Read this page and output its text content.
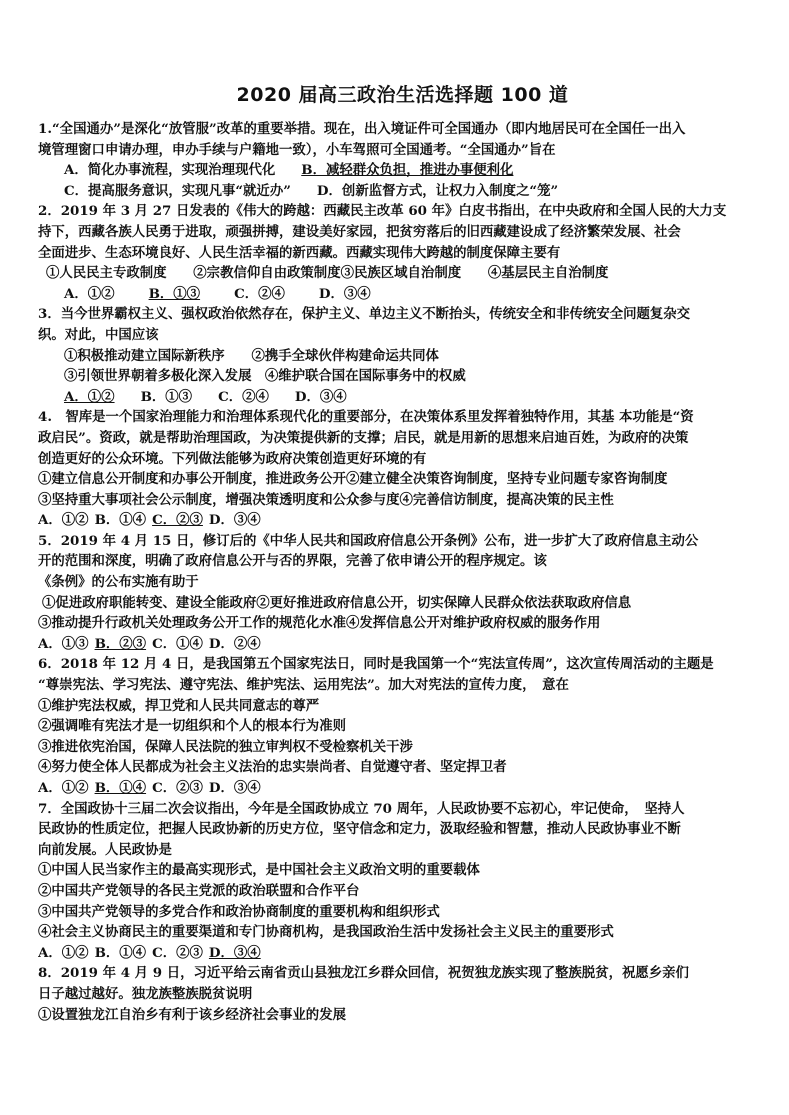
2020 届高三政治生活选择题 100 道
1.“全国通办”是深化“放管服”改革的重要举措。现在，出入境证件可全国通办（即内地居民可在全国任一出入
境管理窗口申请办理，申办手续与户籍地一致），小车驾照可全国通考。“全国通办”旨在
A．简化办事流程，实现治理现代化 B．减轻群众负担，推进办事便利化
C．提高服务意识，实现凡事“就近办” D．创新监督方式，让权力入制度之“笼”
2．2019 年 3 月 27 日发表的《伟大的跨越：西藏民主改革 60 年》白皮书指出，在中央政府和全国人民的大力支
持下，西藏各族人民勇于进取，顽强拼搏，建设美好家园，把贫穷落后的旧西藏建设成了经济繁荣发展、社会
全面进步、生态环境良好、人民生活幸福的新西藏。西藏实现伟大跨越的制度保障主要有
①人民民主专政制度　　②宗教信仰自由政策制度③民族区域自治制度　　④基层民主自治制度
A．①②	B．①③	C．②④	D．③④
3．当今世界霸权主义、强权政治依然存在，保护主义、单边主义不断抬头，传统安全和非传统安全问题复杂交
织。对此，中国应该
①积极推动建立国际新秩序　　②携手全球伙伴构建命运共同体
③引领世界朝着多极化深入发展　④维护联合国在国际事务中的权威
A．①② B．①③ C．②④ D．③④
4.　智库是一个国家治理能力和治理体系现代化的重要部分，在决策体系里发挥着独特作用，其基 本功能是“资
政启民”。资政，就是帮助治理国政，为决策提供新的支撑；启民，就是用新的思想来启迪百姓，为政府的决策
创造更好的公众环境。下列做法能够为政府决策创造更好环境的有
①建立信息公开制度和办事公开制度，推进政务公开②建立健全决策咨询制度，坚持专业问题专家咨询制度
③坚持重大事项社会公示制度，增强决策透明度和公众参与度④完善信访制度，提高决策的民主性
A．①② B．①④ C．②③ D．③④
5．2019 年 4 月 15 日，修订后的《中华人民共和国政府信息公开条例》公布，进一步扩大了政府信息主动公
开的范围和深度，明确了政府信息公开与否的界限，完善了依申请公开的程序规定。该
《条例》的公布实施有助于
①促进政府职能转变、建设全能政府②更好推进政府信息公开，切实保障人民群众依法获取政府信息
③推动提升行政机关处理政务公开工作的规范化水准④发挥信息公开对维护政府权威的服务作用
A．①③ B．②③ C．①④ D．②④
6．2018 年 12 月 4 日，是我国第五个国家宪法日，同时是我国第一个“宪法宣传周”，这次宣传周活动的主题是
“尊崇宪法、学习宪法、遵守宪法、维护宪法、运用宪法”。加大对宪法的宣传力度，　意在
①维护宪法权威，捍卫党和人民共同意志的尊严
②强调唯有宪法才是一切组织和个人的根本行为准则
③推进依宪治国，保障人民法院的独立审判权不受检察机关干涉
④努力使全体人民都成为社会主义法治的忠实崇尚者、自觉遵守者、坚定捍卫者
A．①② B．①④ C．②③ D．③④
7．全国政协十三届二次会议指出，今年是全国政协成立 70 周年，人民政协要不忘初心，牢记使命，　坚持人
民政协的性质定位，把握人民政协新的历史方位，坚守信念和定力，汲取经验和智慧，推动人民政协事业不断
向前发展。人民政协是
①中国人民当家作主的最高实现形式，是中国社会主义政治文明的重要载体
②中国共产党领导的各民主党派的政治联盟和合作平台
③中国共产党领导的多党合作和政治协商制度的重要机构和组织形式
④社会主义协商民主的重要渠道和专门协商机构，是我国政治生活中发扬社会主义民主的重要形式
A．①② B．①④ C．②③ D．③④
8．2019 年 4 月 9 日，习近平给云南省贡山县独龙江乡群众回信，祝贺独龙族实现了整族脱贫，祝愿乡亲们
日子越过越好。独龙族整族脱贫说明
①设置独龙江自治乡有利于该乡经济社会事业的发展
